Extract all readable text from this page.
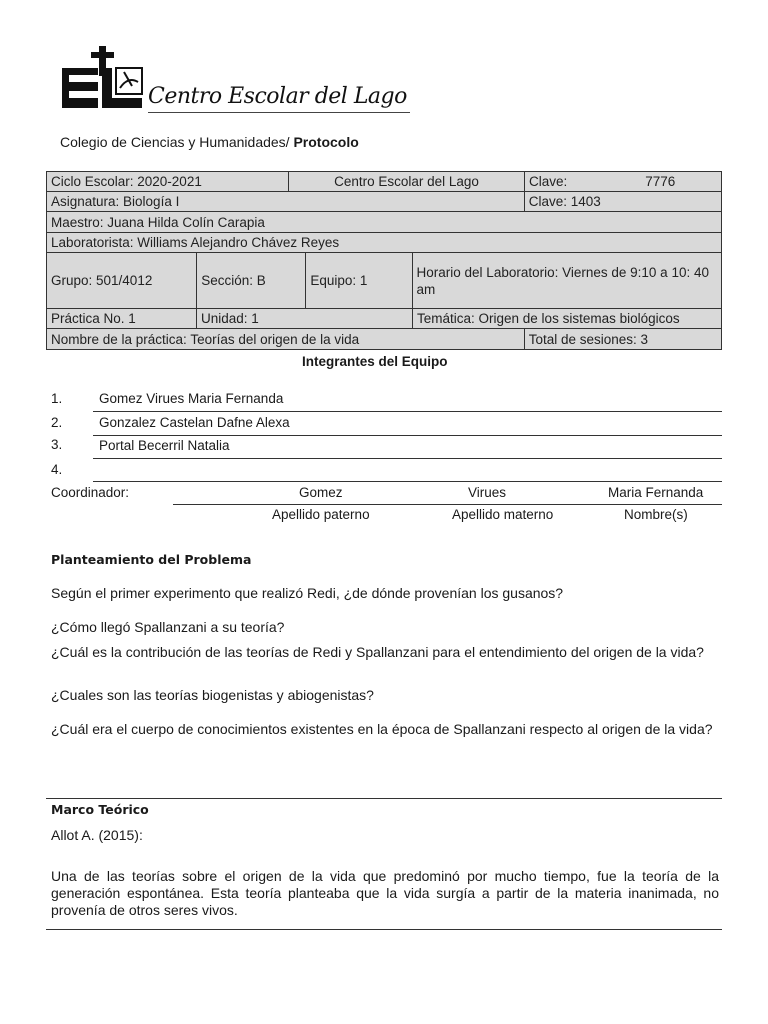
Centro Escolar del Lago
Colegio de Ciencias y Humanidades/ Protocolo
Ciclo Escolar: 2020-2021	Centro Escolar del Lago	Clave:	7776
Asignatura: Biología I	Clave: 1403
Maestro: Juana Hilda Colín Carapia
Laboratorista: Williams Alejandro Chávez Reyes
Grupo: 501/4012	Sección: B	Equipo: 1	Horario del Laboratorio: Viernes de 9:10 a 10: 40 am
Práctica No. 1	Unidad: 1	Temática: Origen de los sistemas biológicos
Nombre de la práctica: Teorías del origen de la vida	Total de sesiones: 3
Integrantes del Equipo
1.	Gomez Virues Maria Fernanda
2.	Gonzalez Castelan Dafne Alexa
3.	Portal Becerril Natalia
4.
Coordinador:	Gomez	Virues	Maria Fernanda
Apellido paterno	Apellido materno	Nombre(s)
Planteamiento del Problema
Según el primer experimento que realizó Redi, ¿de dónde provenían los gusanos?
¿Cómo llegó Spallanzani a su teoría?
¿Cuál es la contribución de las teorías de Redi y Spallanzani para el entendimiento del origen de la vida?
¿Cuales son las teorías biogenistas y abiogenistas?
¿Cuál era el cuerpo de conocimientos existentes en la época de Spallanzani respecto al origen de la vida?
Marco Teórico
Allot A. (2015):
Una de las teorías sobre el origen de la vida que predominó por mucho tiempo, fue la teoría de la generación espontánea. Esta teoría planteaba que la vida surgía a partir de la materia inanimada, no provenía de otros seres vivos.
